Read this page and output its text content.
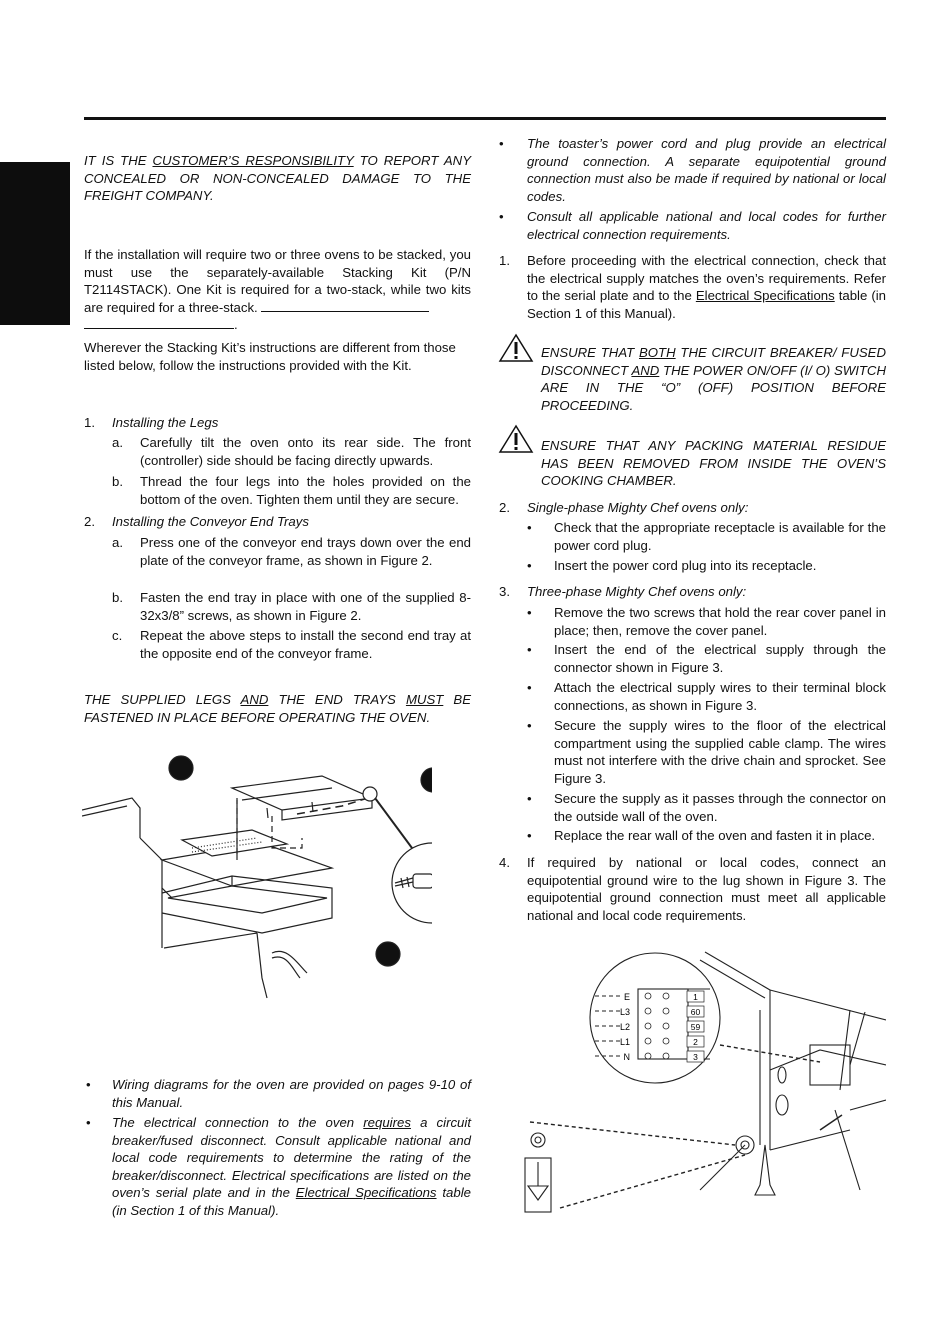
ENGLISH

IT IS THE CUSTOMER’S RESPONSIBILITY TO REPORT ANY CONCEALED OR NON-CONCEALED DAMAGE TO THE FREIGHT COMPANY.

If the installation will require two or three ovens to be stacked, you must use the separately-available Stacking Kit (P/N T2114STACK). One Kit is required for a two-stack, while two kits are required for a three-stack.
.

Wherever the Stacking Kit’s instructions are different from those listed below, follow the instructions provided with the Kit.

1. Installing the Legs
a. Carefully tilt the oven onto its rear side. The front (controller) side should be facing directly upwards.

b. Thread the four legs into the holes provided on the bottom of the oven. Tighten them until they are secure.

2. Installing the Conveyor End Trays
a. Press one of the conveyor end trays down over the end plate of the conveyor frame, as shown in Figure 2.

b. Fasten the end tray in place with one of the supplied 8-32x3/8” screws, as shown in Figure 2.

c. Repeat the above steps to install the second end tray at the opposite end of the conveyor frame.

THE SUPPLIED LEGS AND THE END TRAYS MUST BE FASTENED IN PLACE BEFORE OPERATING THE OVEN.

• Wiring diagrams for the oven are provided on pages 9-10 of this Manual.

• The electrical connection to the oven requires a circuit breaker/fused disconnect. Consult applicable national and local code requirements to determine the rating of the breaker/disconnect. Electrical specifications are listed on the oven’s serial plate and in the Electrical Specifications table (in Section 1 of this Manual).

• The toaster’s power cord and plug provide an electrical ground connection. A separate equipotential ground connection must also be made if required by national or local codes.

• Consult all applicable national and local codes for further electrical connection requirements.

1. Before proceeding with the electrical connection, check that the electrical supply matches the oven’s requirements. Refer to the serial plate and to the Electrical Specifications table (in Section 1 of this Manual).

ENSURE THAT BOTH THE CIRCUIT BREAKER/ FUSED DISCONNECT AND THE POWER ON/OFF (I/ O) SWITCH ARE IN THE “O” (OFF) POSITION BEFORE PROCEEDING.

ENSURE THAT ANY PACKING MATERIAL RESIDUE HAS BEEN REMOVED FROM INSIDE THE OVEN’S COOKING CHAMBER.

2. Single-phase Mighty Chef ovens only:
• Check that the appropriate receptacle is available for the power cord plug.

• Insert the power cord plug into its receptacle.

3. Three-phase Mighty Chef ovens only:
• Remove the two screws that hold the rear cover panel in place; then, remove the cover panel.

• Insert the end of the electrical supply through the connector shown in Figure 3.

• Attach the electrical supply wires to their terminal block connections, as shown in Figure 3.

• Secure the supply wires to the floor of the electrical compartment using the supplied cable clamp. The wires must not interfere with the drive chain and sprocket. See Figure 3.

• Secure the supply as it passes through the connector on the outside wall of the oven.

• Replace the rear wall of the oven and fasten it in place.

4. If required by national or local codes, connect an equipotential ground wire to the lug shown in Figure 3. The equipotential ground connection must meet all applicable national and local code requirements.

E	1
L3	60
L2	59
L1	2
N	3
